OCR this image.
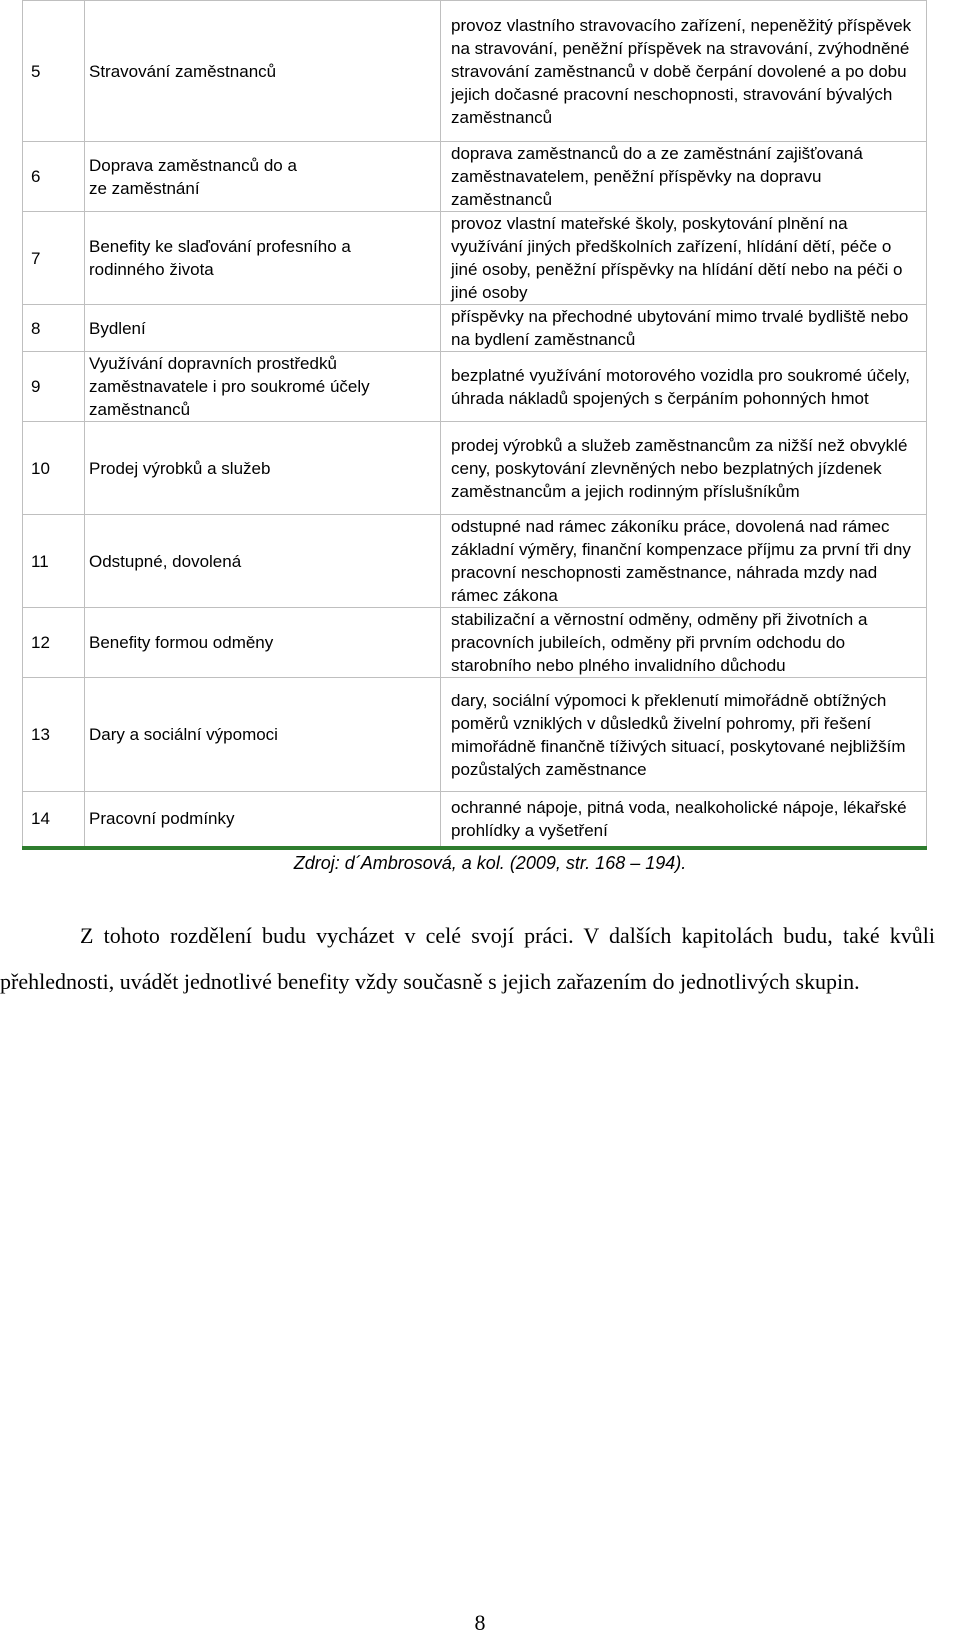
5	Stravování zaměstnanců	provoz vlastního stravovacího zařízení, nepeněžitý příspěvek na stravování, peněžní příspěvek na stravování, zvýhodněné stravování zaměstnanců v době čerpání dovolené a po dobu jejich dočasné pracovní neschopnosti, stravování bývalých zaměstnanců
6	Doprava zaměstnanců do a ze zaměstnání	doprava zaměstnanců do a ze zaměstnání zajišťovaná zaměstnavatelem, peněžní příspěvky na dopravu zaměstnanců
7	Benefity ke slaďování profesního a rodinného života	provoz vlastní mateřské školy, poskytování plnění na využívání jiných předškolních zařízení, hlídání dětí, péče o jiné osoby, peněžní příspěvky na hlídání dětí nebo na péči o jiné osoby
8	Bydlení	příspěvky na přechodné ubytování mimo trvalé bydliště nebo na bydlení zaměstnanců
9	Využívání dopravních prostředků zaměstnavatele i pro soukromé účely zaměstnanců	bezplatné využívání motorového vozidla pro soukromé účely, úhrada nákladů spojených s čerpáním pohonných hmot
10	Prodej výrobků a služeb	prodej výrobků a služeb zaměstnancům za nižší než obvyklé ceny, poskytování zlevněných nebo bezplatných jízdenek zaměstnancům a jejich rodinným příslušníkům
11	Odstupné, dovolená	odstupné nad rámec zákoníku práce, dovolená nad rámec základní výměry, finanční kompenzace příjmu za první tři dny pracovní neschopnosti zaměstnance, náhrada mzdy nad rámec zákona
12	Benefity formou odměny	stabilizační a věrnostní odměny, odměny při životních a pracovních jubileích, odměny při prvním odchodu do starobního nebo plného invalidního důchodu
13	Dary a sociální výpomoci	dary, sociální výpomoci k překlenutí mimořádně obtížných poměrů vzniklých v důsledků živelní pohromy, při řešení mimořádně finančně tíživých situací, poskytované nejbližším pozůstalých zaměstnance
14	Pracovní podmínky	ochranné nápoje, pitná voda, nealkoholické nápoje, lékařské prohlídky a vyšetření
Zdroj: d´Ambrosová, a kol. (2009, str. 168 – 194).

Z tohoto rozdělení budu vycházet v celé svojí práci. V dalších kapitolách budu, také kvůli přehlednosti, uvádět jednotlivé benefity vždy současně s jejich zařazením do jednotlivých skupin.

8
